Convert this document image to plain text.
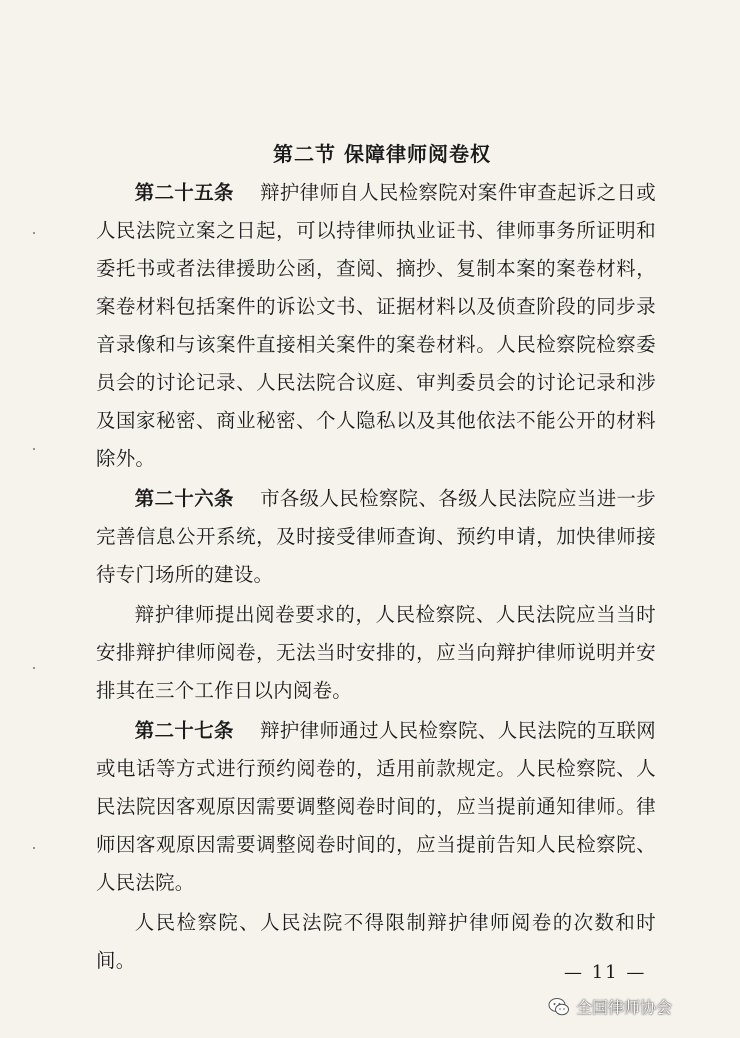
第二节 保障律师阅卷权

第二十五条  辩护律师自人民检察院对案件审查起诉之日或人民法院立案之日起，可以持律师执业证书、律师事务所证明和委托书或者法律援助公函，查阅、摘抄、复制本案的案卷材料，案卷材料包括案件的诉讼文书、证据材料以及侦查阶段的同步录音录像和与该案件直接相关案件的案卷材料。人民检察院检察委员会的讨论记录、人民法院合议庭、审判委员会的讨论记录和涉及国家秘密、商业秘密、个人隐私以及其他依法不能公开的材料除外。

第二十六条  市各级人民检察院、各级人民法院应当进一步完善信息公开系统，及时接受律师查询、预约申请，加快律师接待专门场所的建设。

辩护律师提出阅卷要求的，人民检察院、人民法院应当当时安排辩护律师阅卷，无法当时安排的，应当向辩护律师说明并安排其在三个工作日以内阅卷。

第二十七条  辩护律师通过人民检察院、人民法院的互联网或电话等方式进行预约阅卷的，适用前款规定。人民检察院、人民法院因客观原因需要调整阅卷时间的，应当提前通知律师。律师因客观原因需要调整阅卷时间的，应当提前告知人民检察院、人民法院。

人民检察院、人民法院不得限制辩护律师阅卷的次数和时间。

— 11 —
全国律师协会
